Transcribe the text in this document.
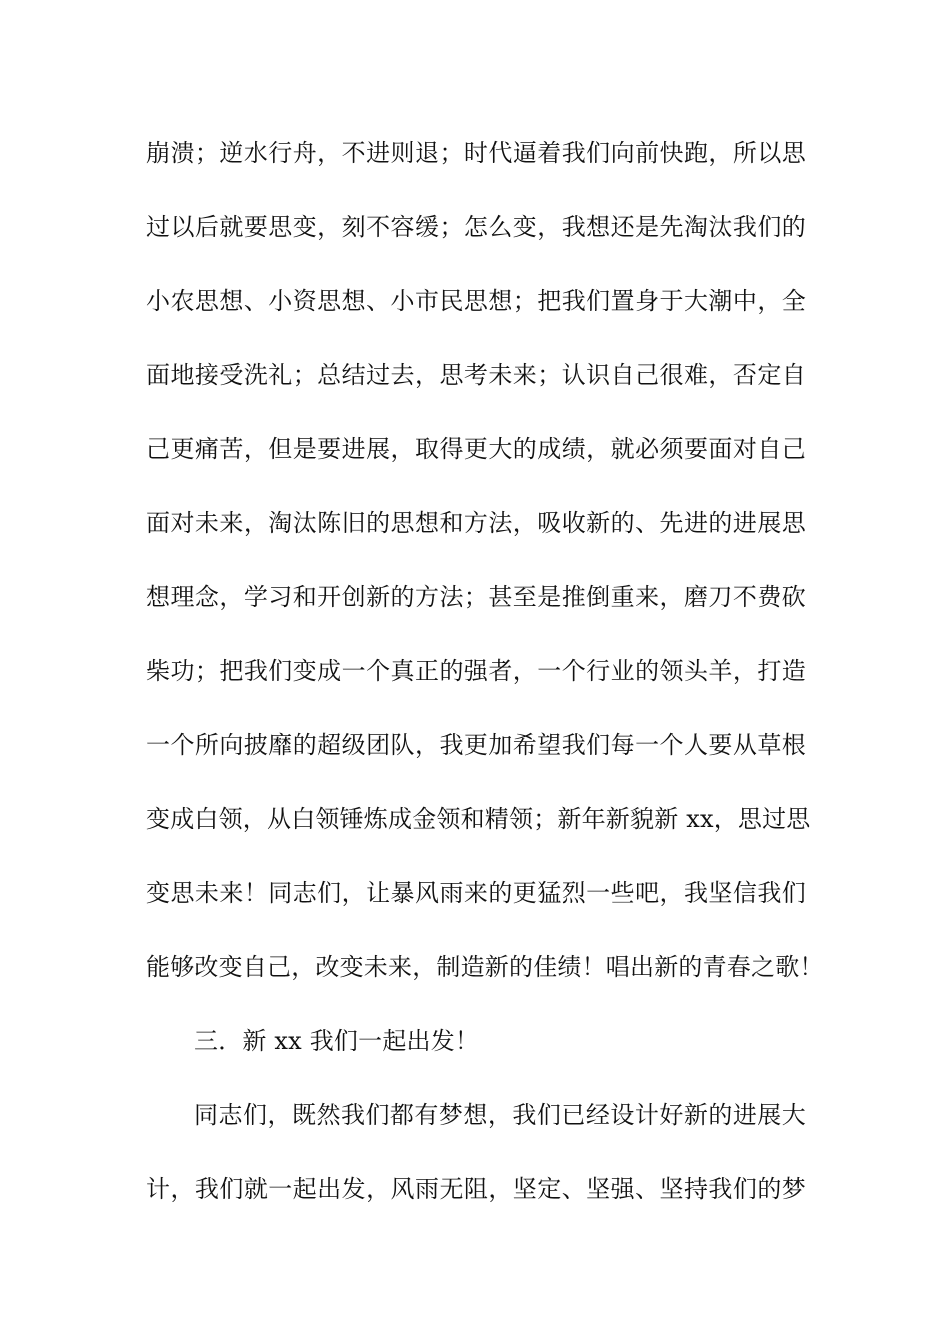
崩溃；逆水行舟，不进则退；时代逼着我们向前快跑，所以思
过以后就要思变，刻不容缓；怎么变，我想还是先淘汰我们的
小农思想、小资思想、小市民思想；把我们置身于大潮中，全
面地接受洗礼；总结过去，思考未来；认识自己很难，否定自
己更痛苦，但是要进展，取得更大的成绩，就必须要面对自己
面对未来，淘汰陈旧的思想和方法，吸收新的、先进的进展思
想理念，学习和开创新的方法；甚至是推倒重来，磨刀不费砍
柴功；把我们变成一个真正的强者，一个行业的领头羊，打造
一个所向披靡的超级团队，我更加希望我们每一个人要从草根
变成白领，从白领锤炼成金领和精领；新年新貌新 xx，思过思
变思未来！同志们，让暴风雨来的更猛烈一些吧，我坚信我们
能够改变自己，改变未来，制造新的佳绩！唱出新的青春之歌！
三．新 xx 我们一起出发！
同志们，既然我们都有梦想，我们已经设计好新的进展大
计，我们就一起出发，风雨无阻，坚定、坚强、坚持我们的梦
